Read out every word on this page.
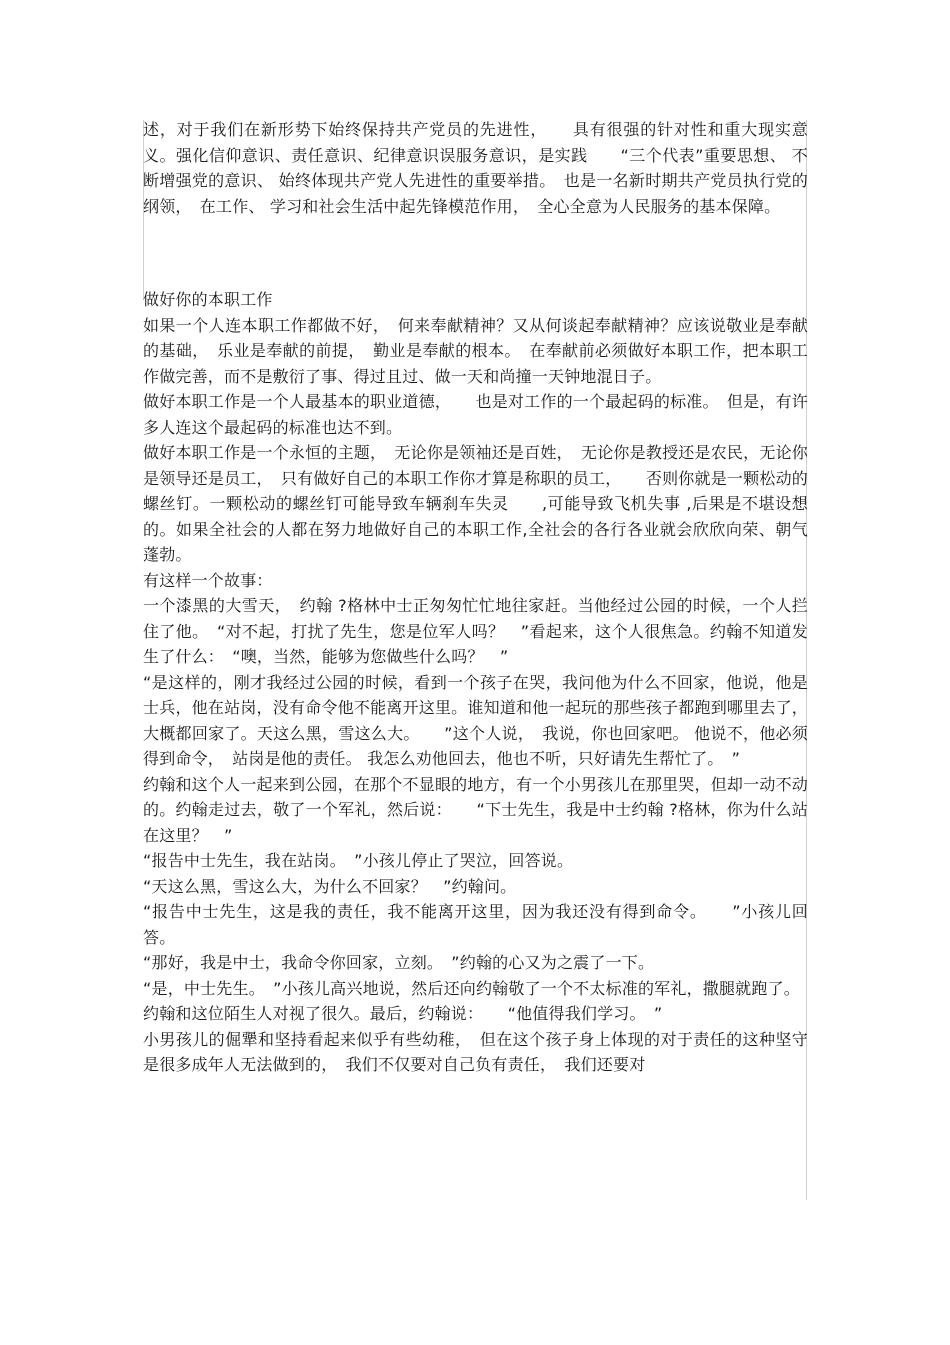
述，对于我们在新形势下始终保持共产党员的先进性，　　具有很强的针对性和重大现实意义。强化信仰意识、责任意识、纪律意识误服务意识，是实践　　“三个代表”重要思想、 不断增强党的意识、 始终体现共产党人先进性的重要举措。　也是一名新时期共产党员执行党的纲领，　在工作、 学习和社会生活中起先锋模范作用，　全心全意为人民服务的基本保障。

做好你的本职工作

如果一个人连本职工作都做不好，　何来奉献精神？又从何谈起奉献精神？应该说敬业是奉献的基础，　乐业是奉献的前提，　勤业是奉献的根本。　在奉献前必须做好本职工作，把本职工作做完善，而不是敷衍了事、得过且过、做一天和尚撞一天钟地混日子。

做好本职工作是一个人最基本的职业道德，　　也是对工作的一个最起码的标准。　但是，有许多人连这个最起码的标准也达不到。

做好本职工作是一个永恒的主题，　无论你是领袖还是百姓，　无论你是教授还是农民，无论你是领导还是员工，　只有做好自己的本职工作你才算是称职的员工，　　否则你就是一颗松动的螺丝钉。一颗松动的螺丝钉可能导致车辆刹车失灵　　,可能导致飞机失事 ,后果是不堪设想的。如果全社会的人都在努力地做好自己的本职工作,全社会的各行各业就会欣欣向荣、朝气蓬勃。

有这样一个故事：

一个漆黑的大雪天，　约翰 ?格林中士正匆匆忙忙地往家赶。当他经过公园的时候，一个人拦住了他。　“对不起，打扰了先生，您是位军人吗？　”看起来，这个人很焦急。约翰不知道发生了什么：　“噢，当然，能够为您做些什么吗？　”

“是这样的，刚才我经过公园的时候，看到一个孩子在哭，我问他为什么不回家，他说，他是士兵，他在站岗，没有命令他不能离开这里。谁知道和他一起玩的那些孩子都跑到哪里去了，大概都回家了。天这么黑，雪这么大。　　”这个人说，　我说，你也回家吧。 他说不，他必须得到命令，　站岗是他的责任。 我怎么劝他回去，他也不听，只好请先生帮忙了。　”

约翰和这个人一起来到公园，在那个不显眼的地方，有一个小男孩儿在那里哭，但却一动不动的。约翰走过去，敬了一个军礼，然后说：　　“下士先生，我是中士约翰 ?格林，你为什么站在这里？　”

“报告中士先生，我在站岗。　”小孩儿停止了哭泣，回答说。

“天这么黑，雪这么大，为什么不回家？　”约翰问。

“报告中士先生，这是我的责任，我不能离开这里，因为我还没有得到命令。　　”小孩儿回答。

“那好，我是中士，我命令你回家，立刻。　”约翰的心又为之震了一下。

“是，中士先生。　”小孩儿高兴地说，然后还向约翰敬了一个不太标准的军礼，撒腿就跑了。

约翰和这位陌生人对视了很久。最后，约翰说：　　“他值得我们学习。　”

小男孩儿的倔犟和坚持看起来似乎有些幼稚，　但在这个孩子身上体现的对于责任的这种坚守是很多成年人无法做到的，　我们不仅要对自己负有责任，　我们还要对
